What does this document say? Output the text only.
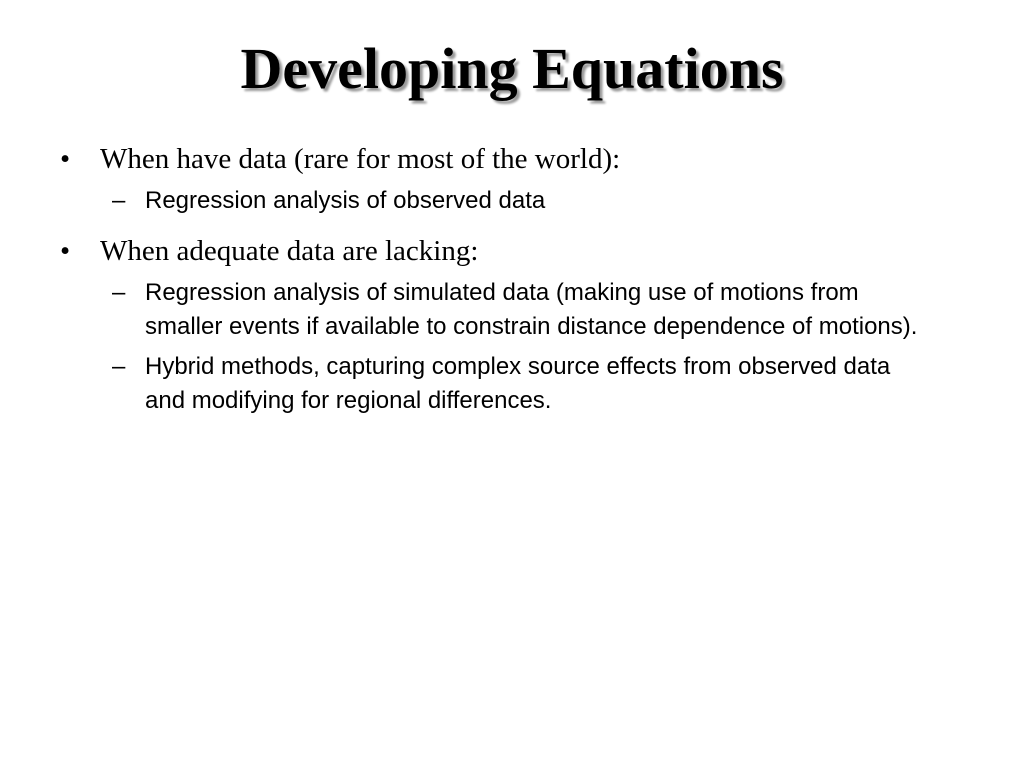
Developing Equations
•	When have data (rare for most of the world):
– Regression analysis of observed data
•	When adequate data are lacking:
– Regression analysis of simulated data (making use of motions from smaller events if available to constrain distance dependence of motions).
– Hybrid methods, capturing complex source effects from observed data and modifying for regional differences.
